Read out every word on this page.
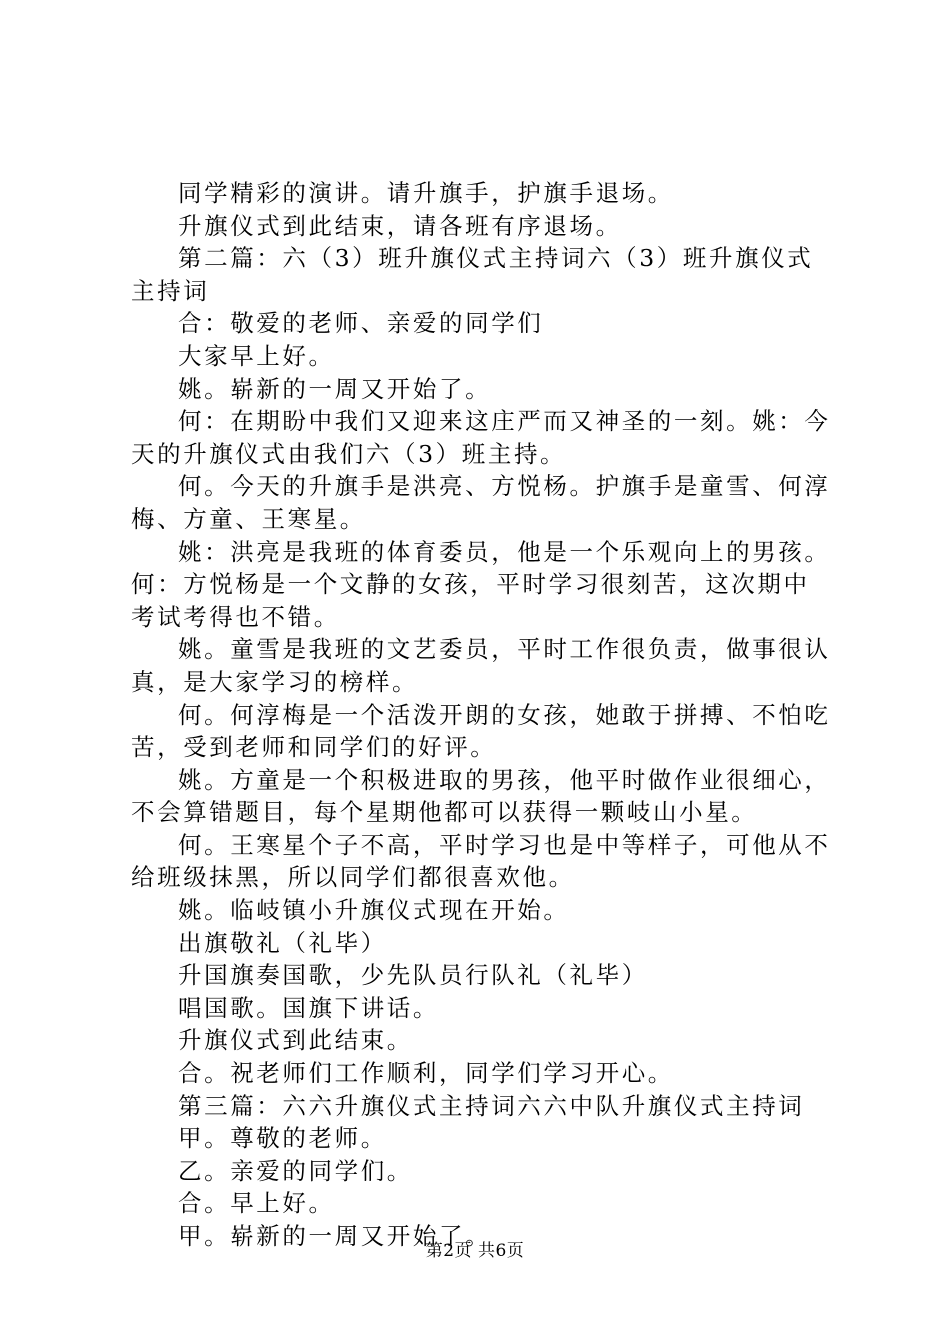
同学精彩的演讲。请升旗手，护旗手退场。

升旗仪式到此结束，请各班有序退场。

第二篇：六（3）班升旗仪式主持词六（3）班升旗仪式主持词

合：敬爱的老师、亲爱的同学们

大家早上好。

姚。崭新的一周又开始了。

何：在期盼中我们又迎来这庄严而又神圣的一刻。姚：今天的升旗仪式由我们六（3）班主持。

何。今天的升旗手是洪亮、方悦杨。护旗手是童雪、何淳梅、方童、王寒星。

姚：洪亮是我班的体育委员，他是一个乐观向上的男孩。何：方悦杨是一个文静的女孩，平时学习很刻苦，这次期中考试考得也不错。

姚。童雪是我班的文艺委员，平时工作很负责，做事很认真，是大家学习的榜样。

何。何淳梅是一个活泼开朗的女孩，她敢于拼搏、不怕吃苦，受到老师和同学们的好评。

姚。方童是一个积极进取的男孩，他平时做作业很细心，不会算错题目，每个星期他都可以获得一颗岐山小星。

何。王寒星个子不高，平时学习也是中等样子，可他从不给班级抹黑，所以同学们都很喜欢他。

姚。临岐镇小升旗仪式现在开始。

出旗敬礼（礼毕）

升国旗奏国歌，少先队员行队礼（礼毕）

唱国歌。国旗下讲话。

升旗仪式到此结束。

合。祝老师们工作顺利，同学们学习开心。

第三篇：六六升旗仪式主持词六六中队升旗仪式主持词

甲。尊敬的老师。

乙。亲爱的同学们。

合。早上好。

甲。崭新的一周又开始了。

第2页 共6页
